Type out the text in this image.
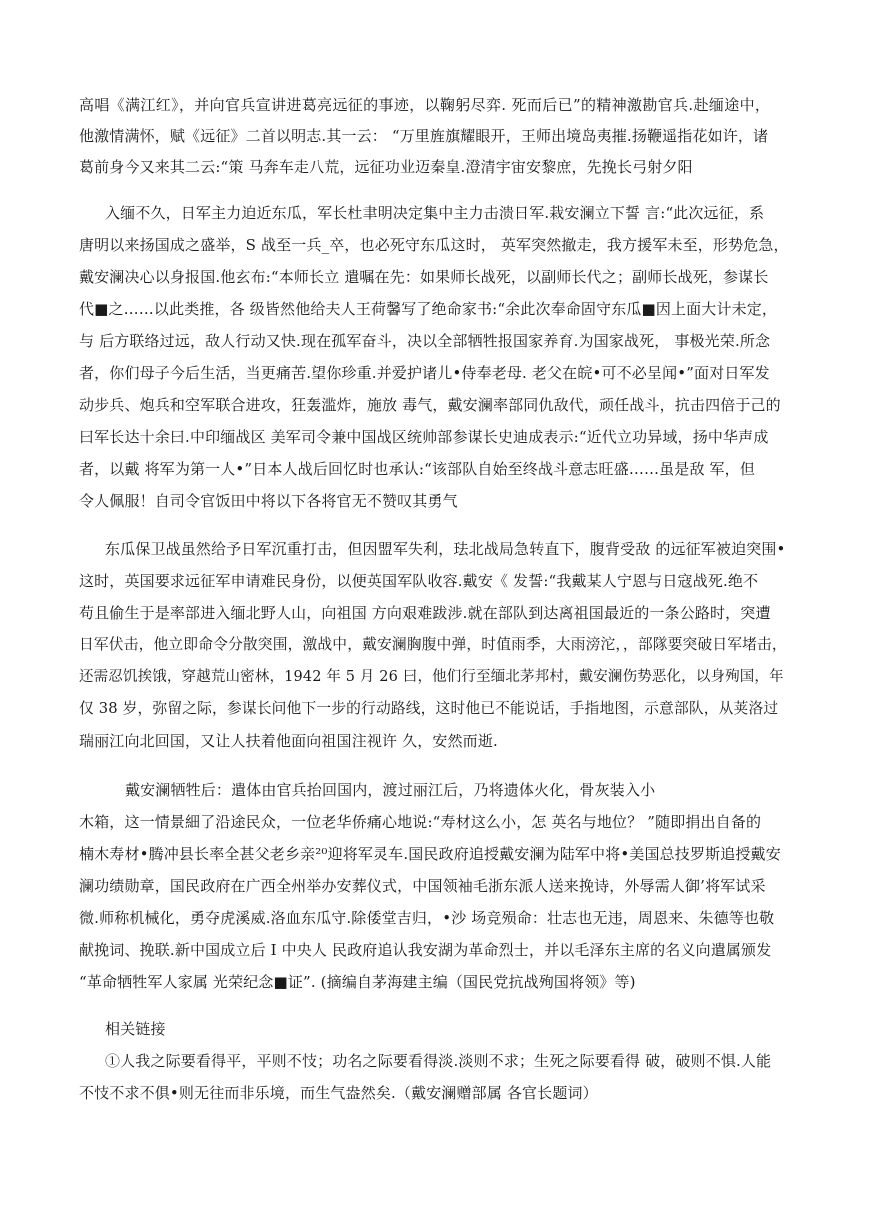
高唱《满江红》，并向官兵宣讲进葛亮远征的事迹，以鞠躬尽弈. 死而后已”的精神激勘官兵.赴缅途中，
他激情满怀，赋《远征》二首以明志.其一云： “万里旌旗耀眼开，王师出境岛夷摧.扬鞭遥指花如许，诸
葛前身今又来其二云:“策 马奔车走八荒，远征功业迈秦皇.澄清宇宙安黎庶，先挽长弓射夕阳
入缅不久，日军主力迫近东瓜，军长杜聿明决定集中主力击溃日军.栽安澜立下誓 言:“此次远征，系
唐明以来扬国成之盛举，S 战至一兵_卒，也必死守东瓜这时， 英军突然撤走，我方援军未至，形势危急，
戴安澜决心以身报国.他玄布:“本师长立 遣嘱在先：如果师长战死，以副师长代之；副师长战死，参谋长
代■之……以此类推，各 级皆然他给夫人王荷馨写了绝命家书:“余此次奉命固守东瓜■因上面大计未定，
与 后方联络过远，敌人行动又快.现在孤军奋斗，决以全部牺牲报国家养育.为国家战死， 事极光荣.所念
者，你们母子今后生活，当更痛苦.望你珍重.并爱护诸儿•侍奉老母. 老父在皖•可不必呈闻•”面对日军发
动步兵、炮兵和空军联合进攻，狂轰滥炸，施放 毒气，戴安澜率部同仇敌代，顽任战斗，抗击四倍于己的
曰军长达十余曰.中印缅战区 美军司令兼中国战区统帅部参谋长史迪成表示:“近代立功异域，扬中华声成
者，以戴 将军为第一人•”日本人战后回忆时也承认:“该部队自始至终战斗意志旺盛……虽是敌 军，但
令人佩服！自司令官饭田中将以下各将官无不赞叹其勇气
东瓜保卫战虽然给予日军沉重打击，但因盟军失利，珐北战局急转直下，腹背受敌 的远征军被迫突围•
这时，英国要求远征军申请难民身份，以便英国军队收容.戴安《 发誓:“我戴某人宁恩与日寇战死.绝不
苟且偷生于是率部进入缅北野人山，向祖国 方向艰难跋涉.就在部队到达离祖国最近的一条公路时，突遭
日军伏击，他立即命令分散突围，激战中，戴安澜胸腹中弹，时值雨季，大雨滂沱，，部隊要突破日军堵击，
还需忍饥挨饿，穿越荒山密林，1942 年 5 月 26 曰，他们行至缅北茅邦村，戴安澜伤势恶化，以身殉国，年
仅 38 岁，弥留之际，参谋长问他下一步的行动路线，这时他已不能说话，手指地图，示意部队，从荚洛过
瑞丽江向北回国，又让人扶着他面向祖国注视许 久，安然而逝.
戴安澜牺牲后：遣体由官兵抬回国内，渡过丽江后，乃将遗体火化，骨灰装入小
木箱，这一情景細了沿途民众，一位老华侨痛心地说:“寿材这么小，怎 英名与地位？ ”随即捐出自备的
楠木寿材•腾冲县长率全甚父老乡亲²⁰迎将军灵车.国民政府追授戴安澜为陆军中将•美国总技罗斯追授戴安
澜功绩勋章，国民政府在广西全州举办安葬仪式，中国领袖毛浙东派人送来挽诗，外辱需人御’将军试采
微.师称机械化，勇夺虎溪威.洛血东瓜守.除倭堂吉归，•沙 场竞殒命：壮志也无违，周恩来、朱德等也敬
献挽词、挽联.新中国成立后 I 中央人 民政府追认我安湖为革命烈士，并以毛泽东主席的名义向遣属颁发
“革命牺牲军人家属 光荣纪念■证”. (摘编自茅海建主编（国民党抗战殉国将领》等)
相关链接
①人我之际要看得平，平则不忮；功名之际要看得淡.淡则不求；生死之际要看得 破，破则不惧.人能
不忮不求不俱•则无往而非乐境，而生气盎然矣.（戴安澜赠部属 各官长题词）
